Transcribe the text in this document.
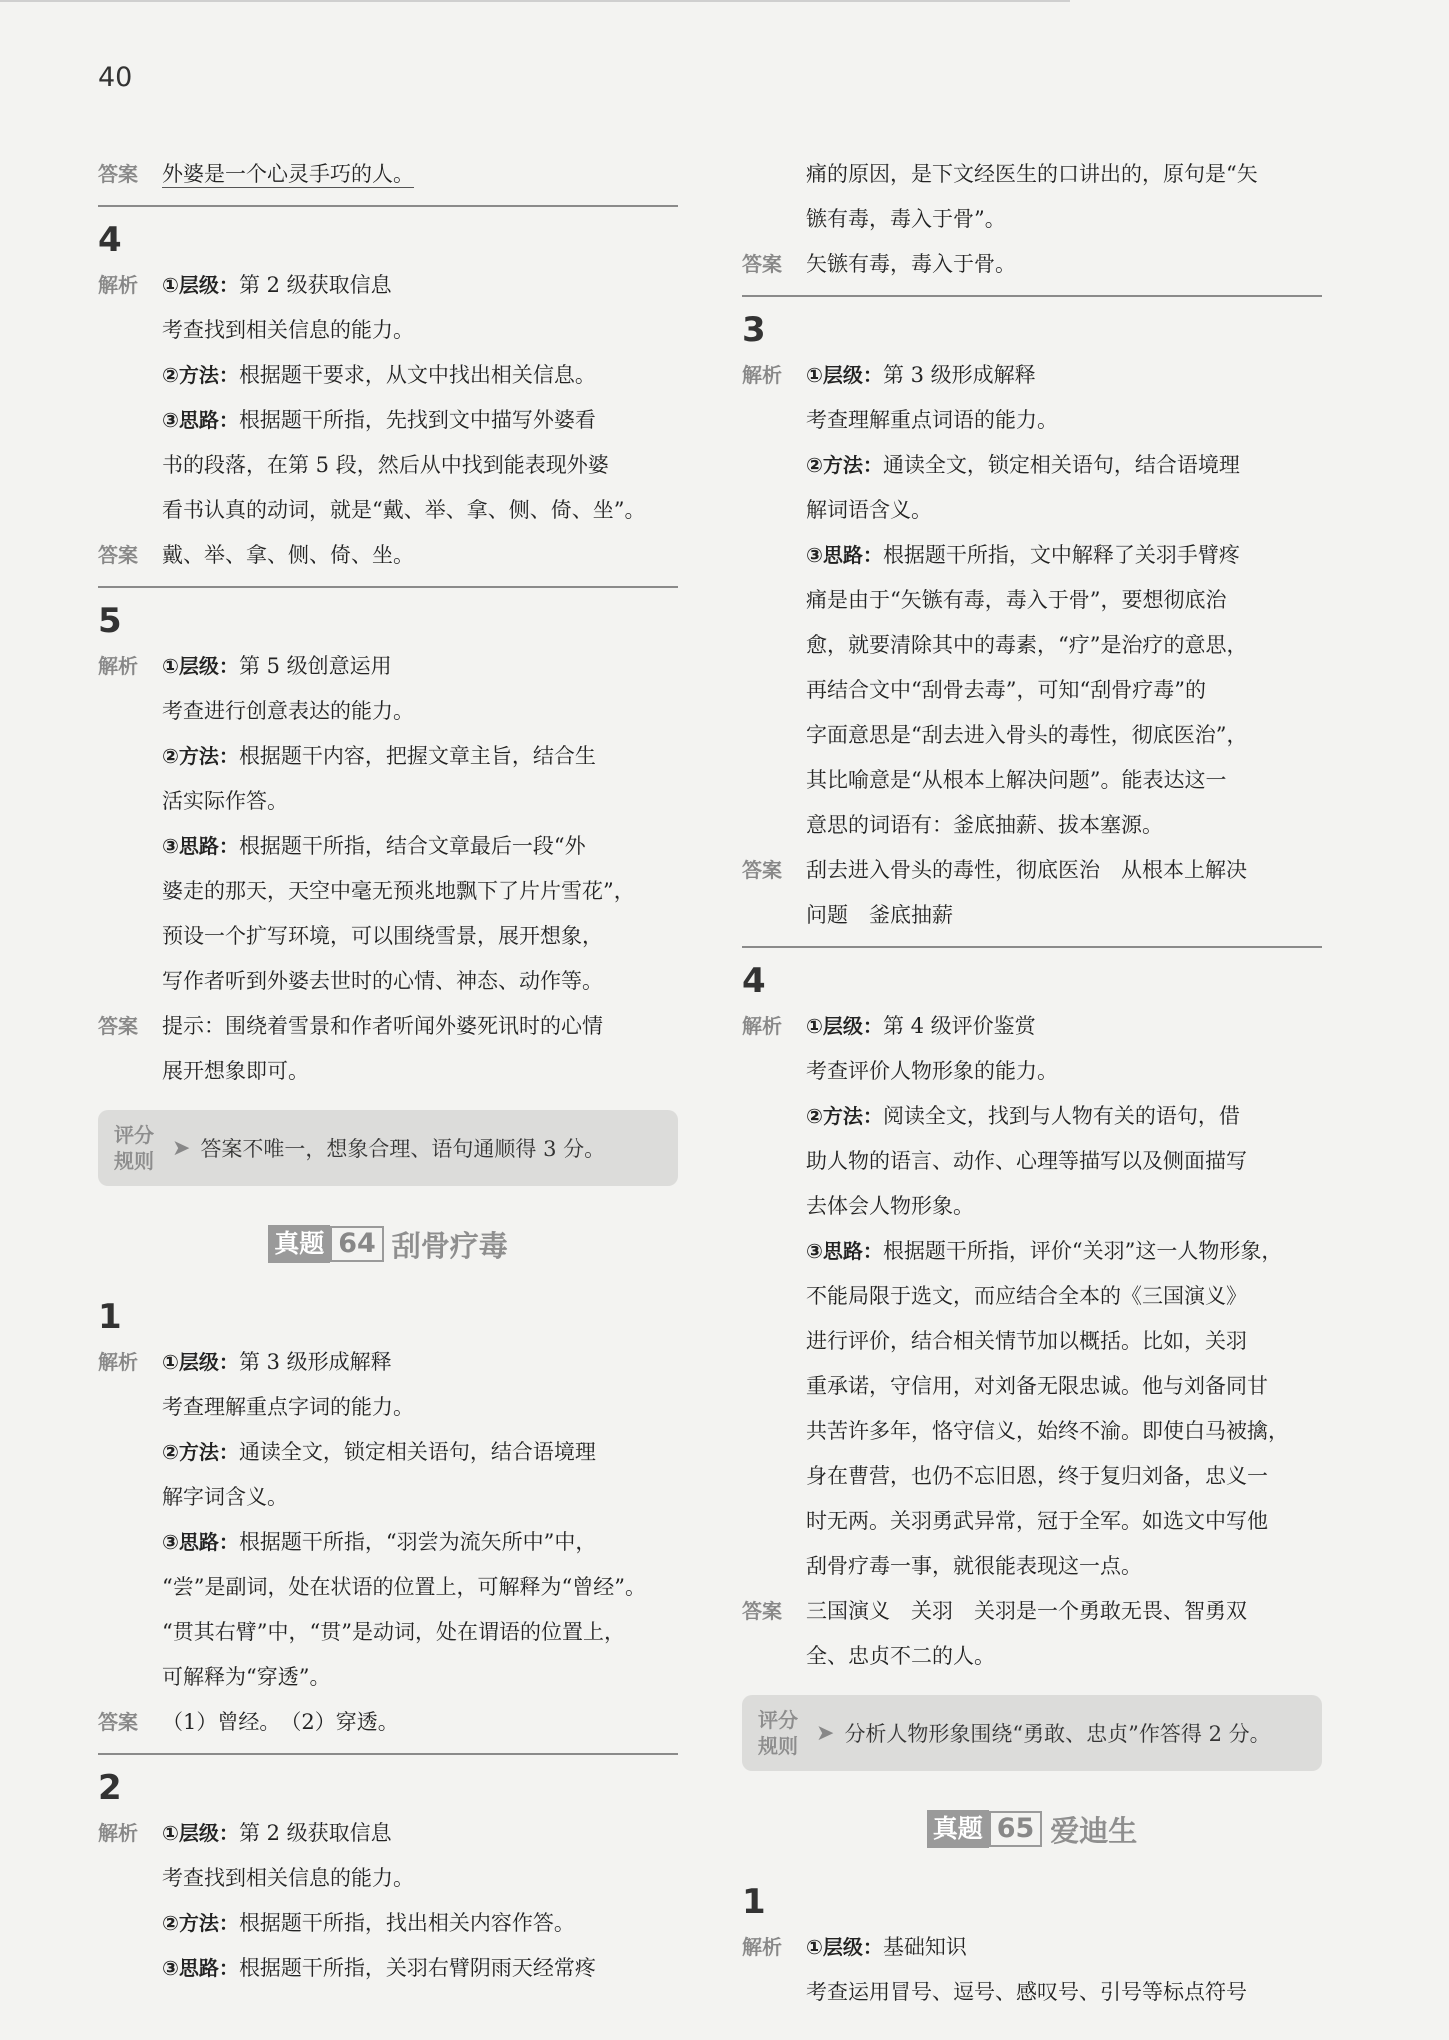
40
答案	外婆是一个心灵手巧的人。
4
解析	①层级：第 2 级获取信息

考查找到相关信息的能力。

②方法：根据题干要求，从文中找出相关信息。

③思路：根据题干所指，先找到文中描写外婆看

书的段落，在第 5 段，然后从中找到能表现外婆

看书认真的动词，就是“戴、举、拿、侧、倚、坐”。

答案	戴、举、拿、侧、倚、坐。
5
解析	①层级：第 5 级创意运用

考查进行创意表达的能力。

②方法：根据题干内容，把握文章主旨，结合生

活实际作答。

③思路：根据题干所指，结合文章最后一段“外

婆走的那天，天空中毫无预兆地飘下了片片雪花”，

预设一个扩写环境，可以围绕雪景，展开想象，

写作者听到外婆去世时的心情、神态、动作等。

答案	提示：围绕着雪景和作者听闻外婆死讯时的心情

展开想象即可。

评分
规则
➤ 答案不唯一，想象合理、语句通顺得 3 分。
真题 64 刮骨疗毒
1
解析	①层级：第 3 级形成解释

考查理解重点字词的能力。

②方法：通读全文，锁定相关语句，结合语境理

解字词含义。

③思路：根据题干所指，“羽尝为流矢所中”中，

“尝”是副词，处在状语的位置上，可解释为“曾经”。

“贯其右臂”中，“贯”是动词，处在谓语的位置上，

可解释为“穿透”。

答案	（1）曾经。　（2）穿透。
2
解析	①层级：第 2 级获取信息

考查找到相关信息的能力。

②方法：根据题干所指，找出相关内容作答。

③思路：根据题干所指，关羽右臂阴雨天经常疼

痛的原因，是下文经医生的口讲出的，原句是“矢

镞有毒，毒入于骨”。

答案	矢镞有毒，毒入于骨。
3
解析	①层级：第 3 级形成解释

考查理解重点词语的能力。

②方法：通读全文，锁定相关语句，结合语境理

解词语含义。

③思路：根据题干所指，文中解释了关羽手臂疼

痛是由于“矢镞有毒，毒入于骨”，要想彻底治

愈，就要清除其中的毒素，“疗”是治疗的意思，

再结合文中“刮骨去毒”，可知“刮骨疗毒”的

字面意思是“刮去进入骨头的毒性，彻底医治”，

其比喻意是“从根本上解决问题”。能表达这一

意思的词语有：釜底抽薪、拔本塞源。

答案	刮去进入骨头的毒性，彻底医治　从根本上解决

问题　釜底抽薪

4
解析	①层级：第 4 级评价鉴赏

考查评价人物形象的能力。

②方法：阅读全文，找到与人物有关的语句，借

助人物的语言、动作、心理等描写以及侧面描写

去体会人物形象。

③思路：根据题干所指，评价“关羽”这一人物形象，

不能局限于选文，而应结合全本的《三国演义》

进行评价，结合相关情节加以概括。比如，关羽

重承诺，守信用，对刘备无限忠诚。他与刘备同甘

共苦许多年，恪守信义，始终不渝。即使白马被擒，

身在曹营，也仍不忘旧恩，终于复归刘备，忠义一

时无两。关羽勇武异常，冠于全军。如选文中写他

刮骨疗毒一事，就很能表现这一点。

答案	三国演义　关羽　关羽是一个勇敢无畏、智勇双

全、忠贞不二的人。

评分
规则
➤ 分析人物形象围绕“勇敢、忠贞”作答得 2 分。
真题 65 爱迪生
1
解析	①层级：基础知识

考查运用冒号、逗号、感叹号、引号等标点符号
